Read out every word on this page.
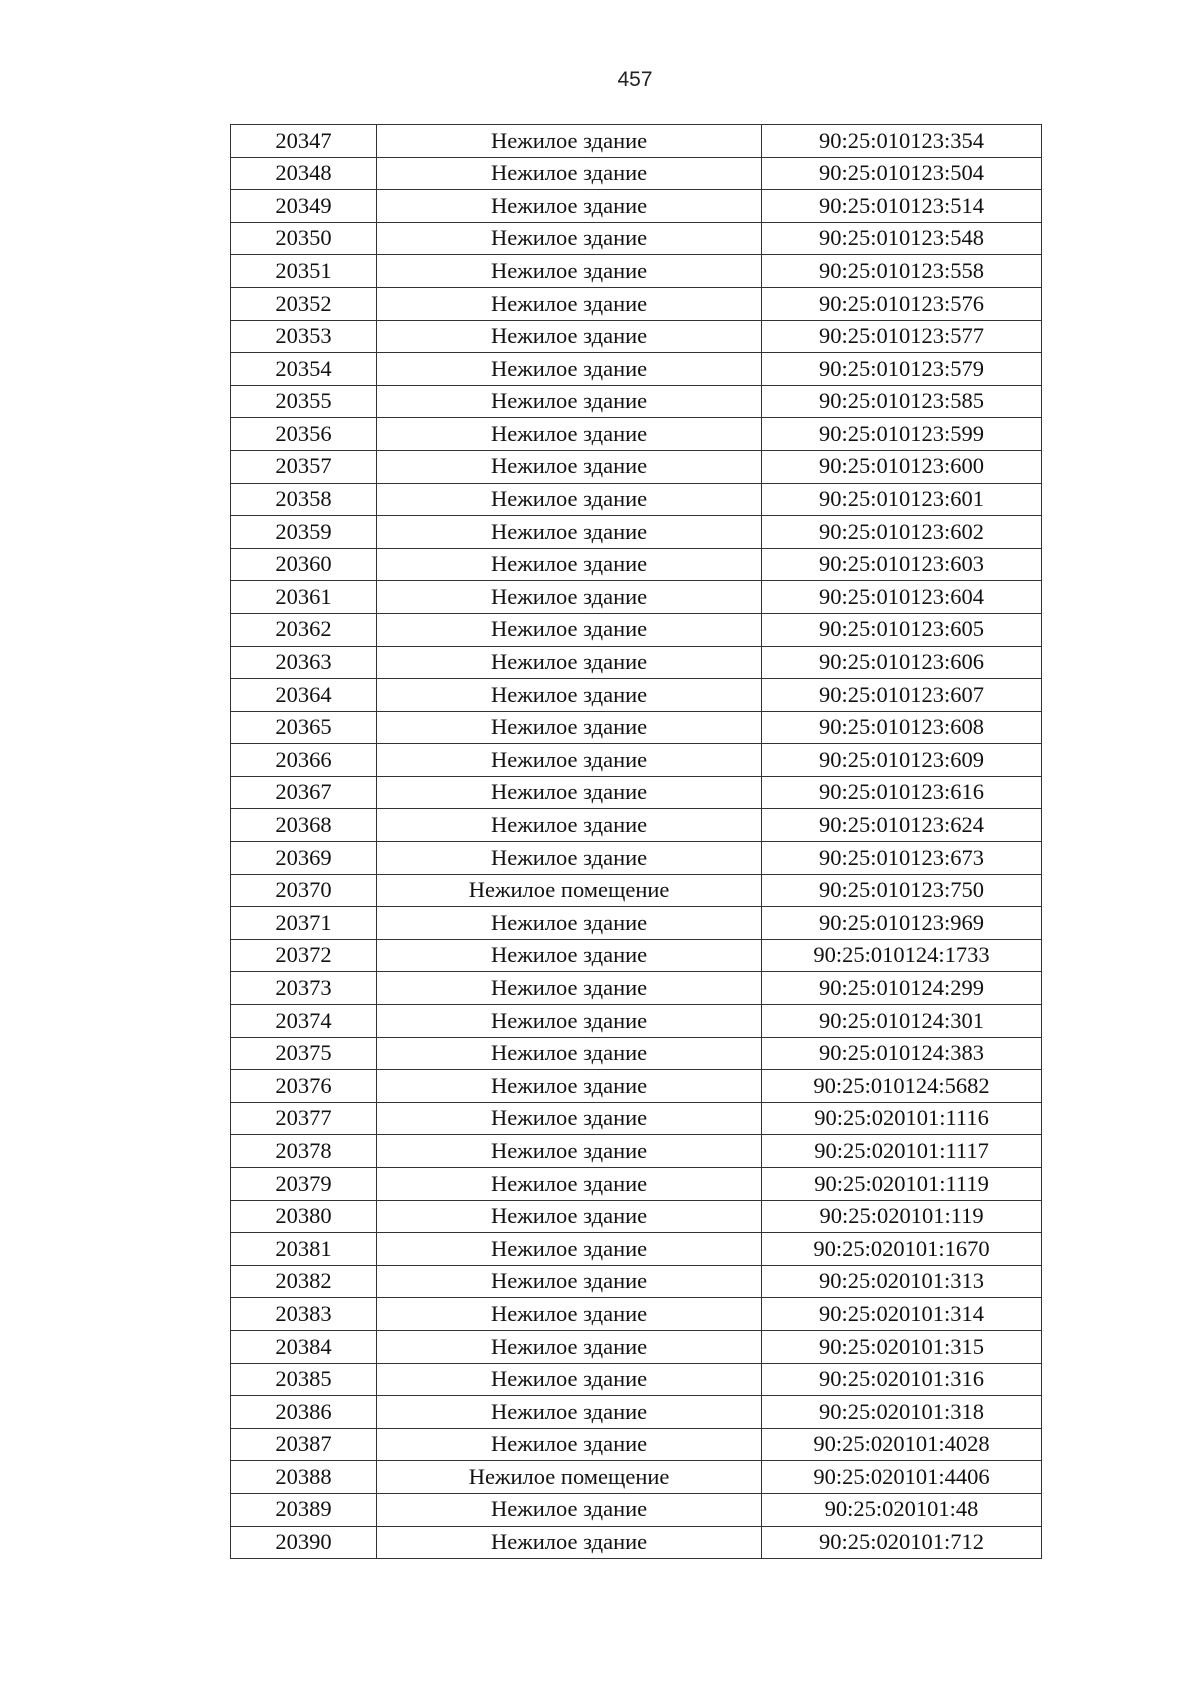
457
20347	Нежилое здание	90:25:010123:354
20348	Нежилое здание	90:25:010123:504
20349	Нежилое здание	90:25:010123:514
20350	Нежилое здание	90:25:010123:548
20351	Нежилое здание	90:25:010123:558
20352	Нежилое здание	90:25:010123:576
20353	Нежилое здание	90:25:010123:577
20354	Нежилое здание	90:25:010123:579
20355	Нежилое здание	90:25:010123:585
20356	Нежилое здание	90:25:010123:599
20357	Нежилое здание	90:25:010123:600
20358	Нежилое здание	90:25:010123:601
20359	Нежилое здание	90:25:010123:602
20360	Нежилое здание	90:25:010123:603
20361	Нежилое здание	90:25:010123:604
20362	Нежилое здание	90:25:010123:605
20363	Нежилое здание	90:25:010123:606
20364	Нежилое здание	90:25:010123:607
20365	Нежилое здание	90:25:010123:608
20366	Нежилое здание	90:25:010123:609
20367	Нежилое здание	90:25:010123:616
20368	Нежилое здание	90:25:010123:624
20369	Нежилое здание	90:25:010123:673
20370	Нежилое помещение	90:25:010123:750
20371	Нежилое здание	90:25:010123:969
20372	Нежилое здание	90:25:010124:1733
20373	Нежилое здание	90:25:010124:299
20374	Нежилое здание	90:25:010124:301
20375	Нежилое здание	90:25:010124:383
20376	Нежилое здание	90:25:010124:5682
20377	Нежилое здание	90:25:020101:1116
20378	Нежилое здание	90:25:020101:1117
20379	Нежилое здание	90:25:020101:1119
20380	Нежилое здание	90:25:020101:119
20381	Нежилое здание	90:25:020101:1670
20382	Нежилое здание	90:25:020101:313
20383	Нежилое здание	90:25:020101:314
20384	Нежилое здание	90:25:020101:315
20385	Нежилое здание	90:25:020101:316
20386	Нежилое здание	90:25:020101:318
20387	Нежилое здание	90:25:020101:4028
20388	Нежилое помещение	90:25:020101:4406
20389	Нежилое здание	90:25:020101:48
20390	Нежилое здание	90:25:020101:712
